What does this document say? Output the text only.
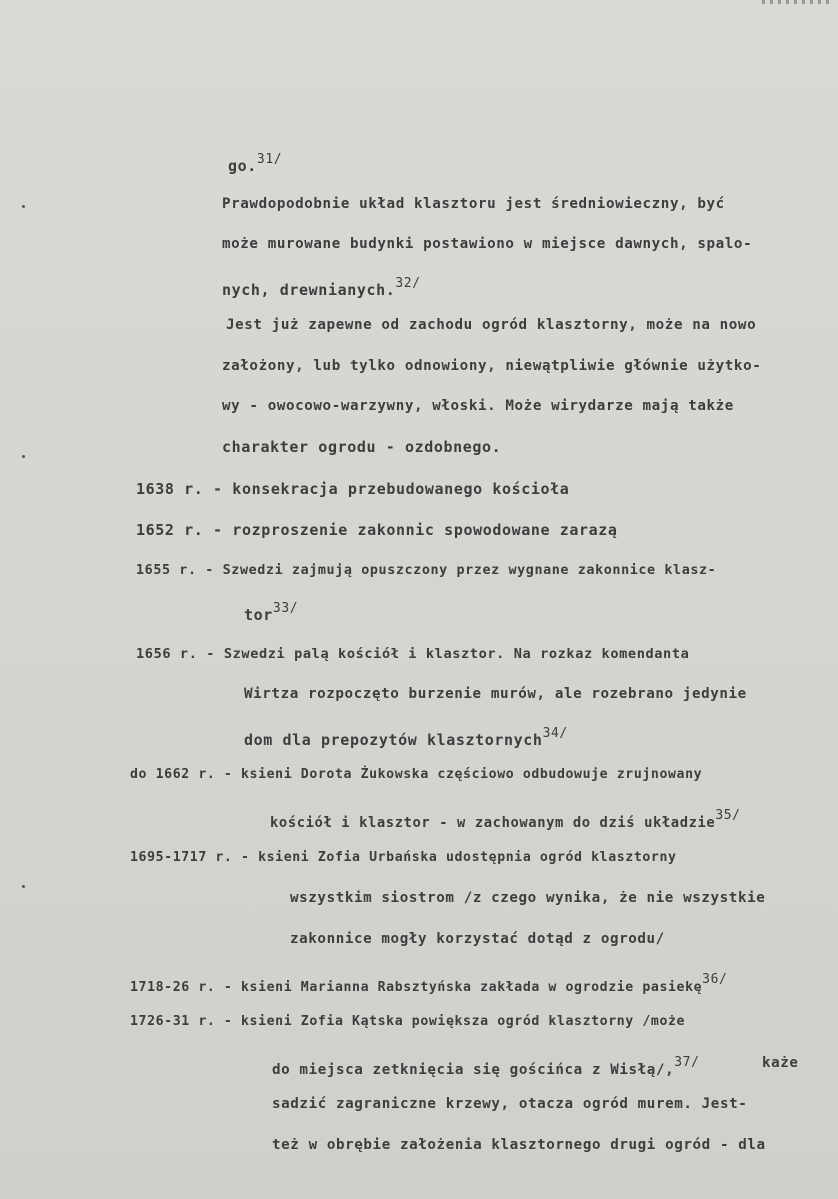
go.$^{31/}$
Prawdopodobnie układ klasztoru jest średniowieczny, być
może murowane budynki postawiono w miejsce dawnych, spalo-
nych, drewnianych.$^{32/}$
Jest już zapewne od zachodu ogród klasztorny, może na nowo
założony, lub tylko odnowiony, niewątpliwie głównie użytko-
wy - owocowo-warzywny, włoski. Może wirydarze mają także
charakter ogrodu - ozdobnego.
1638 r. - konsekracja przebudowanego kościoła
1652 r. - rozproszenie zakonnic spowodowane zarazą
1655 r. - Szwedzi zajmują opuszczony przez wygnane zakonnice klasz-
tor$^{33/}$
1656 r. - Szwedzi palą kościół i klasztor. Na rozkaz komendanta
Wirtza rozpoczęto burzenie murów, ale rozebrano jedynie
dom dla prepozytów klasztornych$^{34/}$
do 1662 r. - ksieni Dorota Żukowska częściowo odbudowuje zrujnowany
kościół i klasztor - w zachowanym do dziś układzie$^{35/}$
1695-1717 r. - ksieni Zofia Urbańska udostępnia ogród klasztorny
wszystkim siostrom /z czego wynika, że nie wszystkie
zakonnice mogły korzystać dotąd z ogrodu/
1718-26 r. - ksieni Marianna Rabsztyńska zakłada w ogrodzie pasiekę$^{36/}$
1726-31 r. - ksieni Zofia Kątska powiększa ogród klasztorny /może
do miejsca zetknięcia się gościńca z Wisłą/,$^{37/}$	każe
sadzić zagraniczne krzewy, otacza ogród murem. Jest-
też w obrębie założenia klasztornego drugi ogród - dla
